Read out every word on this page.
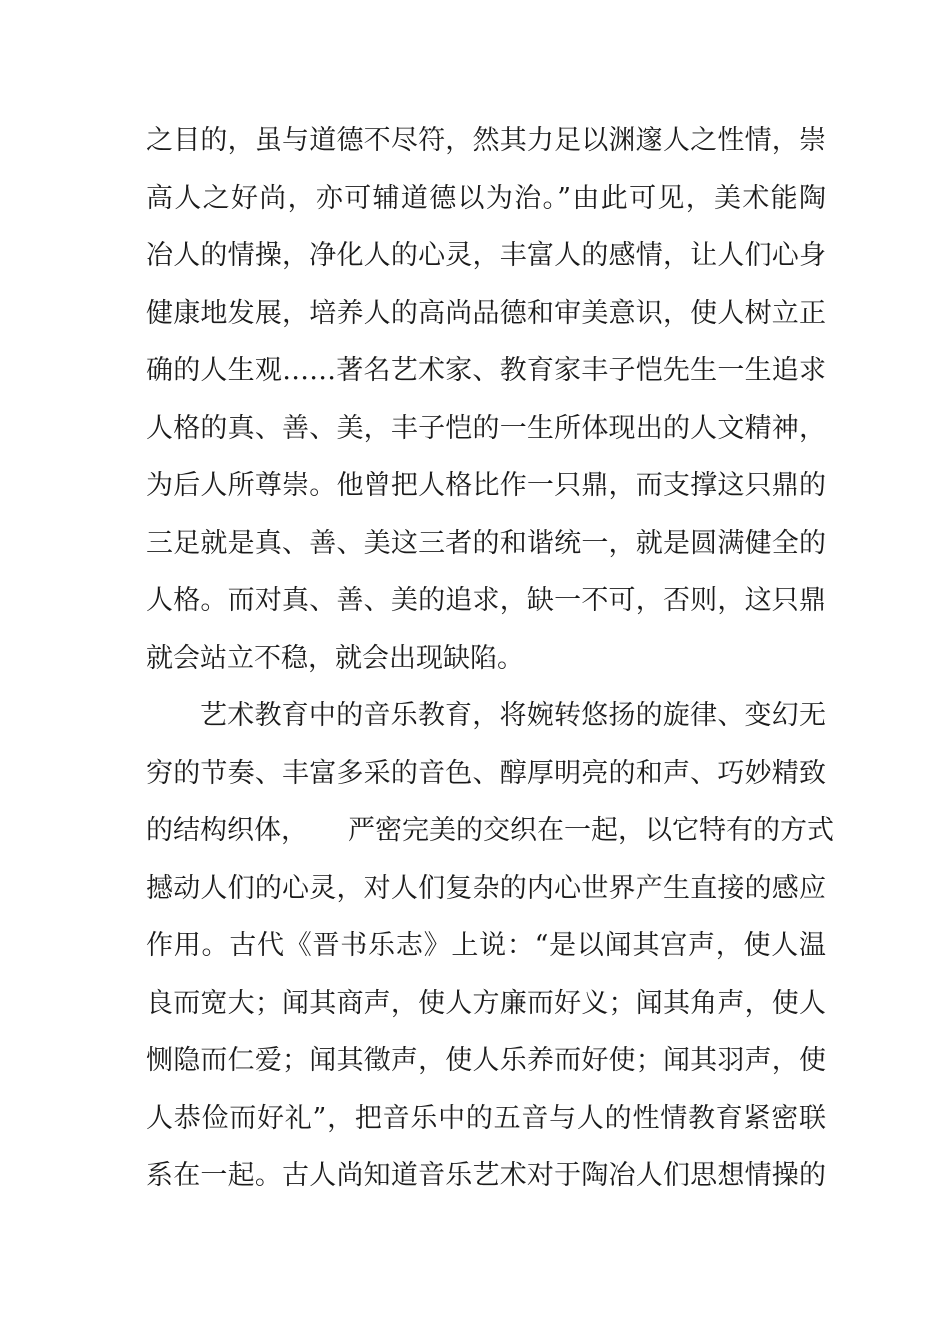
之目的，虽与道德不尽符，然其力足以渊邃人之性情，崇
高人之好尚，亦可辅道德以为治。”由此可见，美术能陶
冶人的情操，净化人的心灵，丰富人的感情，让人们心身
健康地发展，培养人的高尚品德和审美意识，使人树立正
确的人生观……著名艺术家、教育家丰子恺先生一生追求
人格的真、善、美，丰子恺的一生所体现出的人文精神，
为后人所尊崇。他曾把人格比作一只鼎，而支撑这只鼎的
三足就是真、善、美这三者的和谐统一，就是圆满健全的
人格。而对真、善、美的追求，缺一不可，否则，这只鼎
就会站立不稳，就会出现缺陷。
艺术教育中的音乐教育，将婉转悠扬的旋律、变幻无
穷的节奏、丰富多采的音色、醇厚明亮的和声、巧妙精致
的结构织体， 严密完美的交织在一起，以它特有的方式
撼动人们的心灵，对人们复杂的内心世界产生直接的感应
作用。古代《晋书乐志》上说：“是以闻其宫声，使人温
良而宽大；闻其商声，使人方廉而好义；闻其角声，使人
恻隐而仁爱；闻其徵声，使人乐养而好使；闻其羽声，使
人恭俭而好礼”，把音乐中的五音与人的性情教育紧密联
系在一起。古人尚知道音乐艺术对于陶冶人们思想情操的
